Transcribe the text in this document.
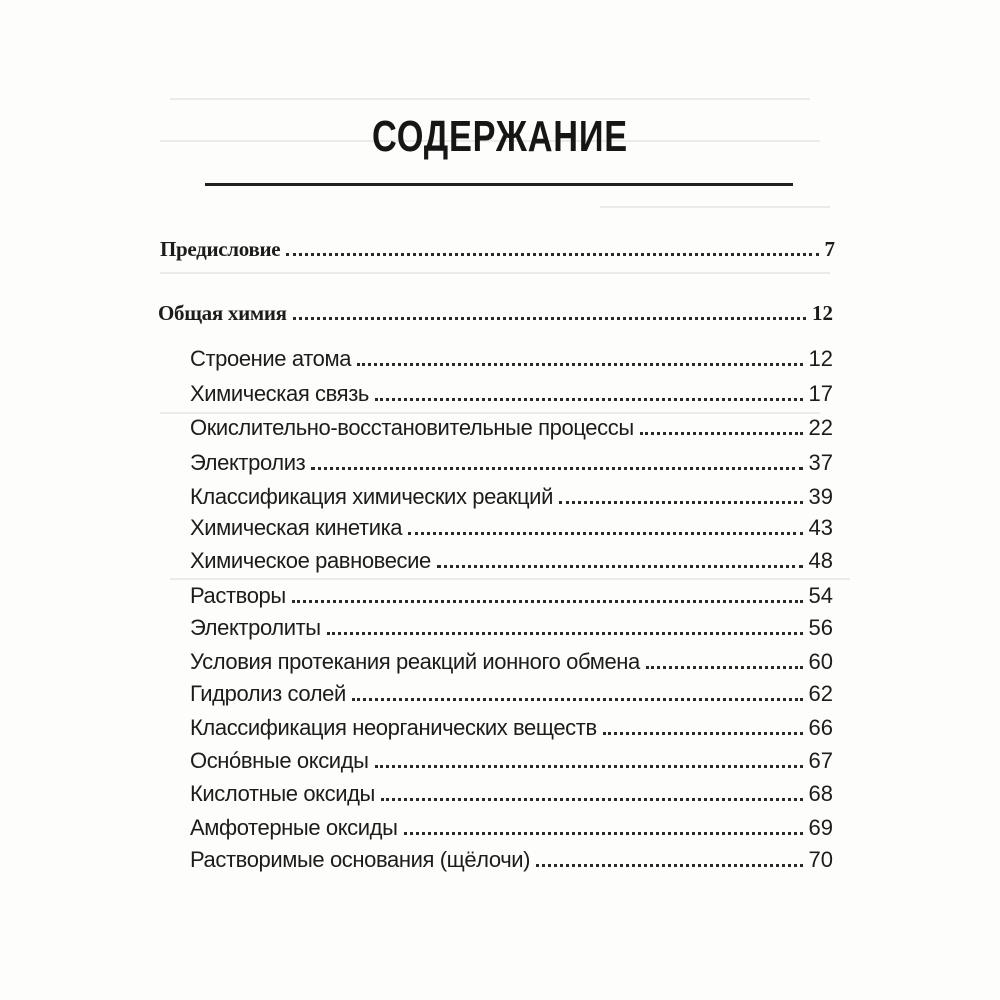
СОДЕРЖАНИЕ
Предисловие	7
Общая химия	12
Строение атома	12
Химическая связь	17
Окислительно-восстановительные процессы	22
Электролиз	37
Классификация химических реакций	39
Химическая кинетика	43
Химическое равновесие	48
Растворы	54
Электролиты	56
Условия протекания реакций ионного обмена	60
Гидролиз солей	62
Классификация неорганических веществ	66
Оснóвные оксиды	67
Кислотные оксиды	68
Амфотерные оксиды	69
Растворимые основания (щёлочи)	70
